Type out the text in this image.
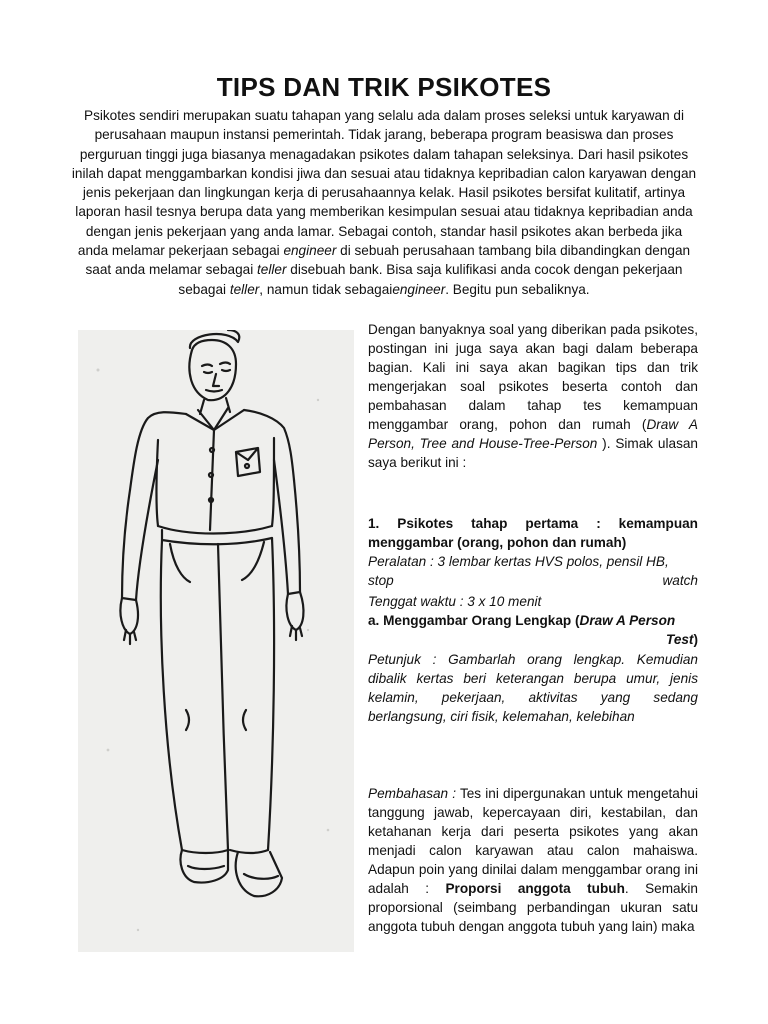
TIPS DAN TRIK PSIKOTES

Psikotes sendiri merupakan suatu tahapan yang selalu ada dalam proses seleksi untuk karyawan di perusahaan maupun instansi pemerintah. Tidak jarang, beberapa program beasiswa dan proses perguruan tinggi juga biasanya menagadakan psikotes dalam tahapan seleksinya. Dari hasil psikotes inilah dapat menggambarkan kondisi jiwa dan sesuai atau tidaknya kepribadian calon karyawan dengan jenis pekerjaan dan lingkungan kerja di perusahaannya kelak. Hasil psikotes bersifat kulitatif, artinya laporan hasil tesnya berupa data yang memberikan kesimpulan sesuai atau tidaknya kepribadian anda dengan jenis pekerjaan yang anda lamar. Sebagai contoh, standar hasil psikotes akan berbeda jika anda melamar pekerjaan sebagai engineer di sebuah perusahaan tambang bila dibandingkan dengan saat anda melamar sebagai teller disebuah bank. Bisa saja kulifikasi anda cocok dengan pekerjaan sebagai teller, namun tidak sebagaiengineer. Begitu pun sebaliknya.

Dengan banyaknya soal yang diberikan pada psikotes, postingan ini juga saya akan bagi dalam beberapa bagian. Kali ini saya akan bagikan tips dan trik mengerjakan soal psikotes beserta contoh dan pembahasan dalam tahap tes kemampuan menggambar orang, pohon dan rumah (Draw A Person, Tree and House-Tree-Person ). Simak ulasan saya berikut ini :

1. Psikotes tahap pertama : kemampuan menggambar (orang, pohon dan rumah)

Peralatan : 3 lembar kertas HVS polos, pensil HB, stop	watch

Tenggat waktu : 3 x 10 menit

a. Menggambar Orang Lengkap (Draw A Person

Test)

Petunjuk : Gambarlah orang lengkap. Kemudian dibalik kertas beri keterangan berupa umur, jenis kelamin, pekerjaan, aktivitas yang sedang berlangsung, ciri fisik, kelemahan, kelebihan

Pembahasan : Tes ini dipergunakan untuk mengetahui tanggung jawab, kepercayaan diri, kestabilan, dan ketahanan kerja dari peserta psikotes yang akan menjadi calon karyawan atau calon mahaiswa. Adapun poin yang dinilai dalam menggambar orang ini adalah : Proporsi anggota tubuh. Semakin proporsional (seimbang perbandingan ukuran satu anggota tubuh dengan anggota tubuh yang lain) maka
